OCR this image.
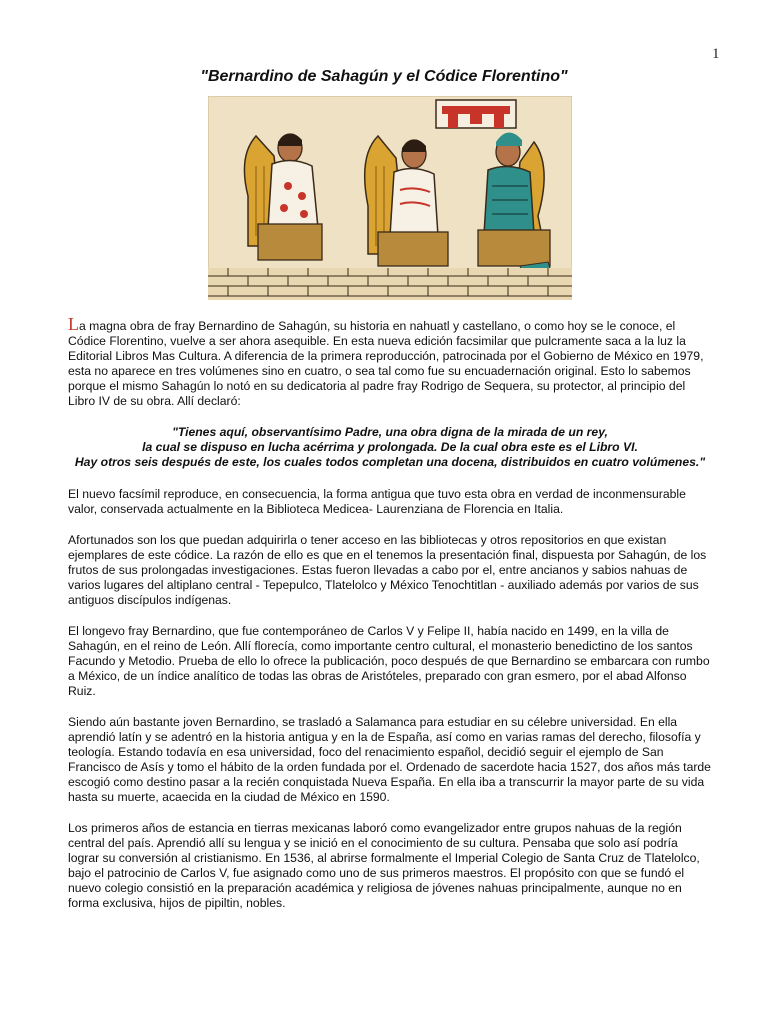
1
"Bernardino de Sahagún y el Códice Florentino"

La magna obra de fray Bernardino de Sahagún, su historia en nahuatl y castellano, o como hoy se le conoce, el Códice Florentino, vuelve a ser ahora asequible. En esta nueva edición facsimilar que pulcramente saca a la luz la Editorial Libros Mas Cultura. A diferencia de la primera reproducción, patrocinada por el Gobierno de México en 1979, esta no aparece en tres volúmenes sino en cuatro, o sea tal como fue su encuadernación original. Esto lo sabemos porque el mismo Sahagún lo notó en su dedicatoria al padre fray Rodrigo de Sequera, su protector, al principio del Libro IV de su obra. Allí declaró:

"Tienes aquí, observantísimo Padre, una obra digna de la mirada de un rey,
la cual se dispuso en lucha acérrima y prolongada. De la cual obra este es el Libro VI.
Hay otros seis después de este, los cuales todos completan una docena, distribuidos en cuatro volúmenes."

El nuevo facsímil reproduce, en consecuencia, la forma antigua que tuvo esta obra en verdad de inconmensurable valor, conservada actualmente en la Biblioteca Medicea- Laurenziana de Florencia en Italia.

Afortunados son los que puedan adquirirla o tener acceso en las bibliotecas y otros repositorios en que existan ejemplares de este códice. La razón de ello es que en el tenemos la presentación final, dispuesta por Sahagún, de los frutos de sus prolongadas investigaciones. Estas fueron llevadas a cabo por el, entre ancianos y sabios nahuas de varios lugares del altiplano central - Tepepulco, Tlatelolco y México Tenochtitlan - auxiliado además por varios de sus antiguos discípulos indígenas.

El longevo fray Bernardino, que fue contemporáneo de Carlos V y Felipe II, había nacido en 1499, en la villa de Sahagún, en el reino de León. Allí florecía, como importante centro cultural, el monasterio benedictino de los santos Facundo y Metodio. Prueba de ello lo ofrece la publicación, poco después de que Bernardino se embarcara con rumbo a México, de un índice analítico de todas las obras de Aristóteles, preparado con gran esmero, por el abad Alfonso Ruiz.

Siendo aún bastante joven Bernardino, se trasladó a Salamanca para estudiar en su célebre universidad. En ella aprendió latín y se adentró en la historia antigua y en la de España, así como en varias ramas del derecho, filosofía y teología. Estando todavía en esa universidad, foco del renacimiento español, decidió seguir el ejemplo de San Francisco de Asís y tomo el hábito de la orden fundada por el. Ordenado de sacerdote hacia 1527, dos años más tarde escogió como destino pasar a la recién conquistada Nueva España. En ella iba a transcurrir la mayor parte de su vida hasta su muerte, acaecida en la ciudad de México en 1590.

Los primeros años de estancia en tierras mexicanas laboró como evangelizador entre grupos nahuas de la región central del país. Aprendió allí su lengua y se inició en el conocimiento de su cultura. Pensaba que solo así podría lograr su conversión al cristianismo. En 1536, al abrirse formalmente el Imperial Colegio de Santa Cruz de Tlatelolco, bajo el patrocinio de Carlos V, fue asignado como uno de sus primeros maestros. El propósito con que se fundó el nuevo colegio consistió en la preparación académica y religiosa de jóvenes nahuas principalmente, aunque no en forma exclusiva, hijos de pipiltin, nobles.
